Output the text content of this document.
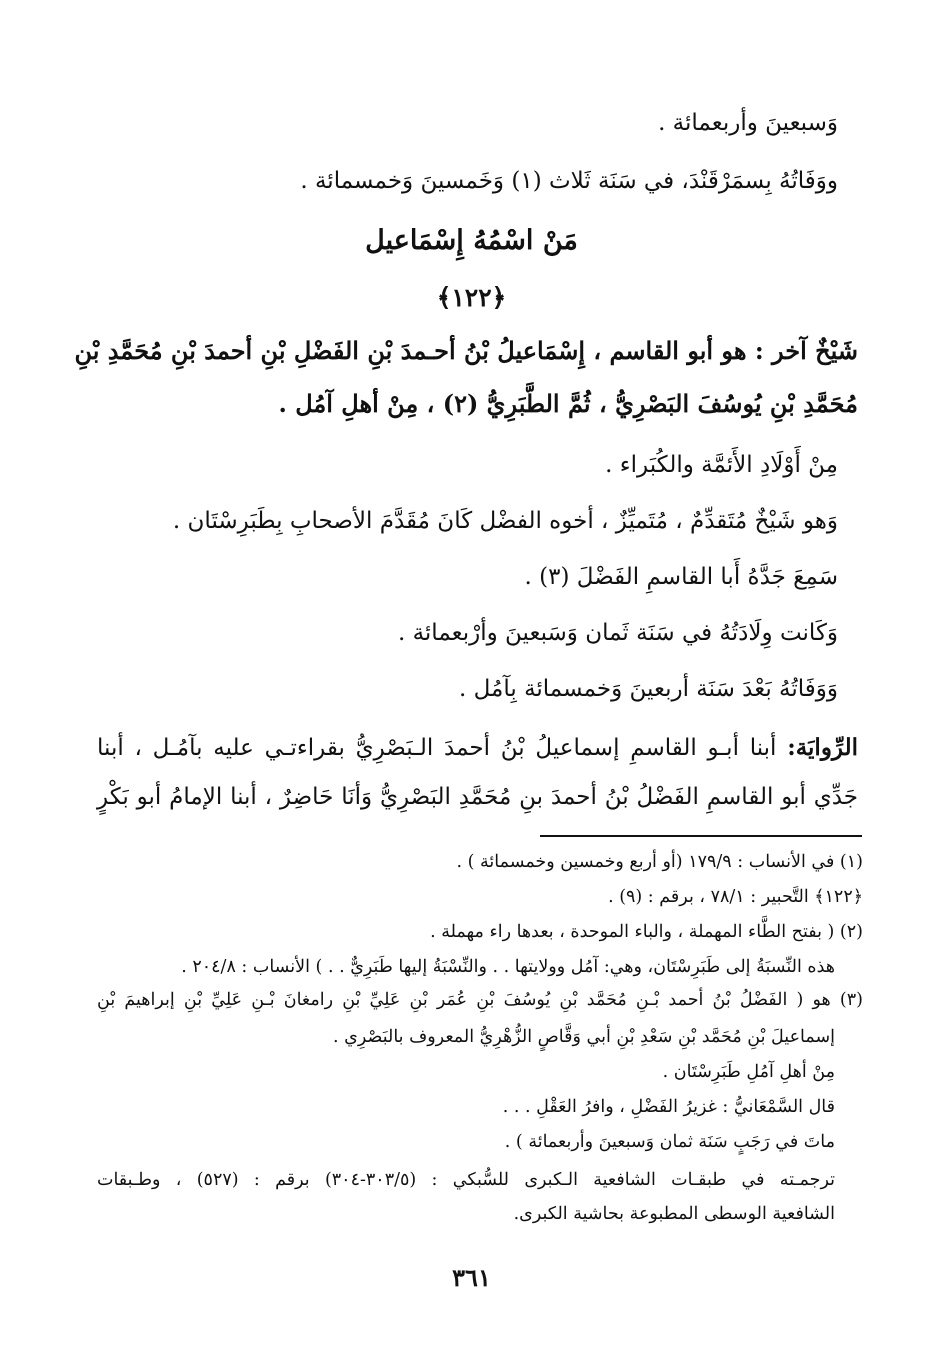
وَسبعينَ وأربعمائة .
ووَفَاتُهُ بِسمَرْقَنْدَ، في سَنَة ثَلاث (١) وَخَمسينَ وَخمسمائة .
مَنْ اسْمُهُ إِسْمَاعيل
﴿١٢٢﴾
شَيْخٌ آخر : هو أبو القاسم ، إِسْمَاعيلُ بْنُ أحـمدَ بْنِ الفَضْلِ بْنِ أحمدَ بْنِ مُحَمَّدِ بْنِ
مُحَمَّدِ بْنِ يُوسُفَ البَصْرِيُّ ، ثُمَّ الطَّبَرِيُّ (٢) ، مِنْ أهلِ آمُل .
مِنْ أَوْلَادِ الأَئمَّة والكُبَراء .
وَهو شَيْخٌ مُتَقدِّمٌ ، مُتَميِّزٌ ، أخوه الفضْل كَانَ مُقَدَّمَ الأصحابِ بِطَبَرِسْتَان .
سَمِعَ جَدَّهُ أَبا القاسمِ الفَضْلَ (٣) .
وَكَانت وِلَادَتُهُ في سَنَة ثَمان وَسَبعينَ وأرْبعمائة .
وَوَفَاتُهُ بَعْدَ سَنَة أربعينَ وَخمسمائة بِآمُل .
الرِّوايَة: أبنا أبـو القاسمِ إسماعيلُ بْنُ أحمدَ الـبَصْرِيُّ بقراءتـي عليه بآمُـل ، أبنا
جَدِّي أبو القاسمِ الفَضْلُ بْنُ أحمدَ بنِ مُحَمَّدِ البَصْرِيُّ وَأنَا حَاضِرٌ ، أبنا الإمامُ أبو بَكْرٍ
(١) في الأنساب : ١٧٩/٩ (أو أربع وخمسين وخمسمائة ) .
﴿١٢٢﴾ التَّحبير : ٧٨/١ ، برقم : (٩) .
(٢) ( بفتح الطَّاء المهملة ، والباء الموحدة ، بعدها راء مهملة .
هذه النِّسبَةُ إلى طَبَرِسْتَان، وهي: آمُل وولايتها . . والنِّسْبَةُ إليها طَبَرِيٌّ . . ) الأنساب : ٢٠٤/٨ .
(٣) هو ( الفَضْلُ بْنُ أحمد بْـنِ مُحَمَّد بْنِ يُوسُفَ بْنِ عُمَر بْنِ عَلِيِّ بْنِ رامغانَ بْـنِ عَلِيِّ بْنِ إبراهيمَ بْنِ
إسماعيلَ بْنِ مُحَمَّد بْنِ سَعْدِ بْنِ أبي وَقَّاصٍ الزُّهْرِيُّ المعروف بالبَصْرِي .
مِنْ أهلِ آمُلِ طَبَرِسْتَان .
قال السَّمْعَانيُّ : غزيرُ الفَضْلِ ، وافرُ العَقْلِ . . .
ماتَ في رَجَبٍ سَنَة ثمان وَسبعينَ وأربعمائة ) .
ترجمـته في طبقـات الشافعية الـكبرى للسُّبكي : (٣٠٣/٥-٣٠٤) برقم : (٥٢٧) ، وطـبقات
الشافعية الوسطى المطبوعة بحاشية الكبرى.
٣٦١
